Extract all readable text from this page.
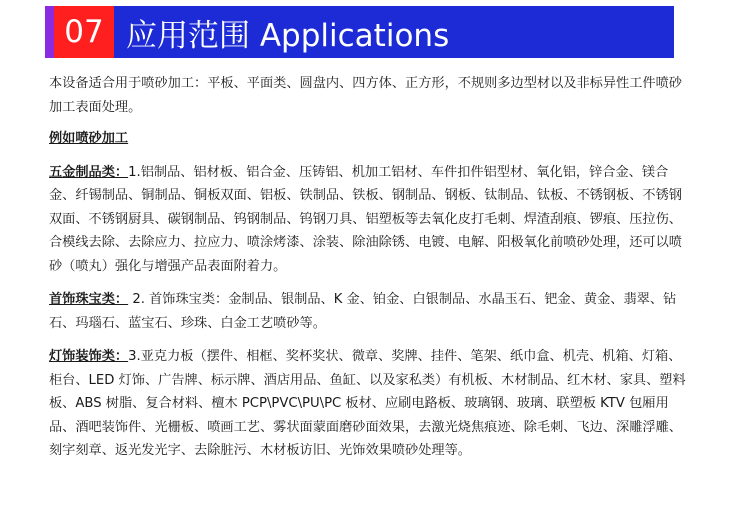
07 应用范围 Applications

本设备适合用于喷砂加工：平板、平面类、圆盘内、四方体、正方形，不规则多边型材以及非标异性工件喷砂加工表面处理。

例如喷砂加工

五金制品类：1.铝制品、铝材板、铝合金、压铸铝、机加工铝材、车件扣件铝型材、氧化铝，锌合金、镁合金、纤锡制品、铜制品、铜板双面、铝板、铁制品、铁板、钢制品、钢板、钛制品、钛板、不锈钢板、不锈钢双面、不锈钢厨具、碳钢制品、钨钢制品、钨钢刀具、铝塑板等去氧化皮打毛刺、焊渣刮痕、锣痕、压拉伤、合模线去除、去除应力、拉应力、喷涂烤漆、涂装、除油除锈、电镀、电解、阳极氧化前喷砂处理，还可以喷砂（喷丸）强化与增强产品表面附着力。

首饰珠宝类： 2. 首饰珠宝类：金制品、银制品、K 金、铂金、白银制品、水晶玉石、钯金、黄金、翡翠、钻石、玛瑙石、蓝宝石、珍珠、白金工艺喷砂等。

灯饰装饰类：3.亚克力板（摆件、相框、奖杯奖状、微章、奖牌、挂件、笔架、纸巾盒、机壳、机箱、灯箱、柜台、LED 灯饰、广告牌、标示牌、酒店用品、鱼缸、以及家私类）有机板、木材制品、红木材、家具、塑料板、ABS 树脂、复合材料、檀木 PCP\PVC\PU\PC 板材、应刷电路板、玻璃钢、玻璃、联塑板 KTV 包厢用品、酒吧装饰件、光栅板、喷画工艺、雾状面蒙面磨砂面效果，去激光烧焦痕迹、除毛刺、飞边、深雕浮雕、刻字刻章、返光发光字、去除脏污、木材板访旧、光饰效果喷砂处理等。
